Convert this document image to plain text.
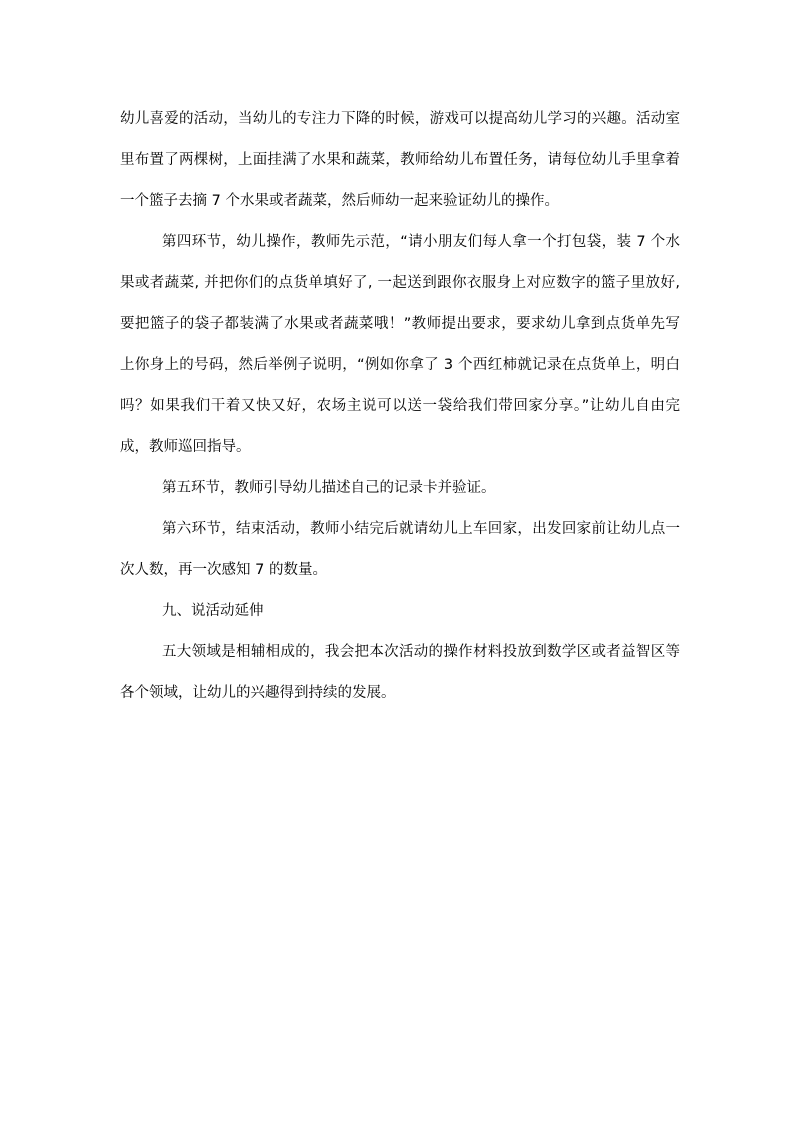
幼儿喜爱的活动，当幼儿的专注力下降的时候，游戏可以提高幼儿学习的兴趣。活动室
里布置了两棵树，上面挂满了水果和蔬菜，教师给幼儿布置任务，请每位幼儿手里拿着
一个篮子去摘 7 个水果或者蔬菜，然后师幼一起来验证幼儿的操作。
第四环节，幼儿操作，教师先示范，“请小朋友们每人拿一个打包袋，装 7 个水
果或者蔬菜, 并把你们的点货单填好了, 一起送到跟你衣服身上对应数字的篮子里放好,
要把篮子的袋子都装满了水果或者蔬菜哦！”教师提出要求，要求幼儿拿到点货单先写
上你身上的号码，然后举例子说明，“例如你拿了 3 个西红柿就记录在点货单上，明白
吗？如果我们干着又快又好，农场主说可以送一袋给我们带回家分享。”让幼儿自由完
成，教师巡回指导。
第五环节，教师引导幼儿描述自己的记录卡并验证。
第六环节，结束活动，教师小结完后就请幼儿上车回家，出发回家前让幼儿点一
次人数，再一次感知 7 的数量。
九、说活动延伸
五大领域是相辅相成的，我会把本次活动的操作材料投放到数学区或者益智区等
各个领域，让幼儿的兴趣得到持续的发展。
